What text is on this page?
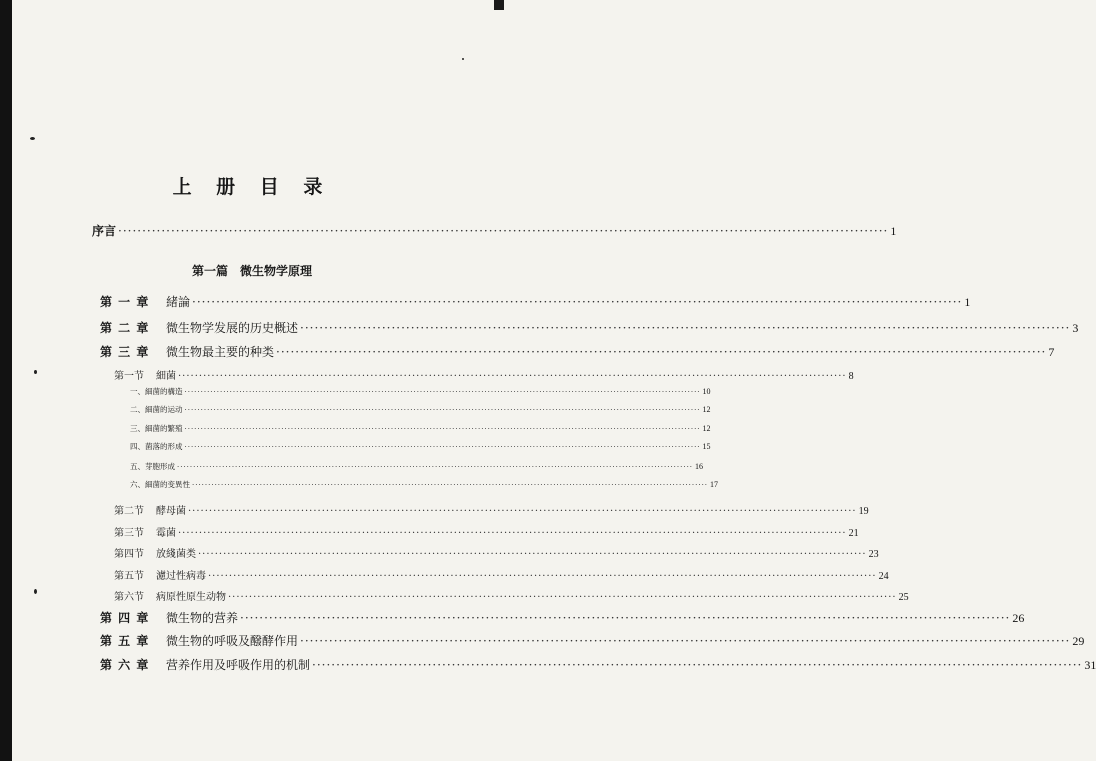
上 册 目 录
序言 ································································································································································ 1
第一篇 微生物学原理
第 一 章	緒論 ································································································································································ 1
第 二 章	微生物学发展的历史概述 ································································································································································ 3
第 三 章	微生物最主要的种类 ································································································································································ 7
第一节	細菌 ································································································································································ 8
一、細菌的構造 ································································································································································ 10
二、細菌的运动 ································································································································································ 12
三、細菌的繁殖 ································································································································································ 12
四、菌落的形成 ································································································································································ 15
五、芽胞形成 ································································································································································ 16
六、細菌的变異性 ································································································································································ 17
第二节	酵母菌 ································································································································································ 19
第三节	霉菌 ································································································································································ 21
第四节	放綫菌类 ································································································································································ 23
第五节	濾过性病毒 ································································································································································ 24
第六节	病原性原生动物 ································································································································································ 25
第 四 章	微生物的营养 ································································································································································ 26
第 五 章	微生物的呼吸及醱酵作用 ································································································································································ 29
第 六 章	营养作用及呼吸作用的机制 ································································································································································ 31
